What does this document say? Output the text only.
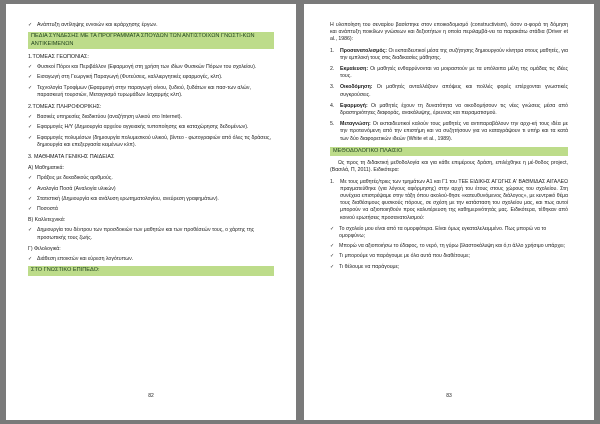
✓ Ανάπτυξη αντίληψης εννοιών και ιεράρχησης έργων.
ΠΕΔΙΑ ΣΥΝΔΕΣΗΣ ΜΕ ΤΑ ΠΡΟΓΡΑΜΜΑΤΑ ΣΠΟΥΔΩΝ ΤΩΝ ΑΝΤΙΣΤΟΙΧΩΝ ΓΝΩΣΤΙ-ΚΩΝ ΑΝΤΙΚΕΙΜΕΝΩΝ
1.ΤΟΜΕΑΣ ΓΕΩΠΟΝΙΑΣ:
✓ Φυσικοί Πόροι και Περιβάλλον (Εφαρμογή στη χρήση των ιδίων Φυσικών Πόρων του σχολείου).
✓ Εισαγωγή στη Γεωργική Παραγωγή (Φυτεύσεις, καλλιεργητικές εφαρμογές, κλπ).
✓ Τεχνολογία Τροφίμων (Εφαρμογή στην παραγωγή οίνου, ξυδιού, ξυδάτων και πασ-των αλών, παρασκευή τουρσιών, Μεταγγισμό τυρωμάδων λαχαρμής κλπ).
2.ΤΟΜΕΑΣ ΠΛΗΡΟΦΟΡΙΚΗΣ:
✓ Βασικές υπηρεσίες διαδικτύου (αναζήτηση υλικού στο Internet).
✓ Εφαρμογές Η/Υ (Δημιουργία αρχείου αγγειακής τυποποίησης και καταχώρησης δεδομένων).
✓ Εφαρμογές πολυμέσων (δημιουργία πολυμεσικού υλικού, βίντεο - φωτογραφιών από όλες τις δράσεις, δημιουργία και επεξεργασία κειμένων κλπ).
3. ΜΑΘΗΜΑΤΑ ΓΕΝΙΚΗΣ ΠΑΙΔΕΙΑΣ
Α) Μαθηματικά:
✓ Πράξεις με δεκαδικούς αριθμούς.
✓ Αναλογία Ποσά (Αναλογία υλικών)
✓ Στατιστική (Δημιουργία και ανάλυση ερωτηματολογίου, ανεύρεση γραφημάτων).
✓ Ποσοστά
Β) Καλλιτεχνικά:
✓ Δημιουργία του δέντρου των προσδοκιών των μαθητών και των προθέσεών τους, ο χάρτης της προσωπικής τους ζωής.
Γ) Φιλολογικά:
✓ Διάθεση εποικτών και εύρεση λογότυπων.
ΣΤΟ ΓΝΩΣΤΙΚΟ ΕΠΙΠΕΔΟ:
82
Η υλοποίηση του σεναρίου βασίστηκε στον εποικοδομισμό (constructivism), όσον α-φορά τη δόμηση και ανάπτυξη ποικίλων γνώσεων και δεξιοτήτων η οποία περιλαμβά-νει τα παρακάτω στάδια (Driver et al., 1986):
1. Προσανατολισμός: Οι εκπαιδευτικοί μέσα της συζήτησης δημιουργούν κίνητρα στους μαθητές, για την εμπλοκή τους στις διαδικασίες μάθησης.
2. Εκμαίευση: Οι μαθητές ενθαρρύνονται να μοιραστούν με τα υπόλοιπα μέλη της ομάδας τις ιδέες τους.
3. Οικοδόμηση: Οι μαθητές ανταλλάζουν απόψεις και πολλές φορές επέρχονται γνωστικές συγκρούσεις.
4. Εφαρμογή: Οι μαθητές έχουν τη δυνατότητα να οικοδομήσουν τις νέες γνώσεις μέσα από δραστηριότητες διαφοράς, ανακάλυψης, έρευνας και πειραματισμού.
5. Μεταγνώση: Οι εκπαιδευτικοί καλούν τους μαθητές να αντιπαραβάλουν την αρχι-κή τους ιδέα με την προτεινόμενη από την επιστήμη και να συζητήσουν για να καταγράψουν τι υπήρ και τα κατά των δύο διαφορετικών ιδεών (White et al., 1989).
ΜΕΘΟΔΟΛΟΓΙΚΟ ΠΛΑΙΣΙΟ
Ως προς τη διδακτική μεθοδολογία και για κάθε επιμέρους δράση, επιλέχθηκε η μέ-θοδος project, (Βασιλά, Π, 2011). Ειδικότερα:
1. Με τους μαθητές/τριες των τμημάτων Α1 και Γ1 του ΤΕΕ ΕΙΔΙΚΗΣ ΑΓΩΓΗΣ Α' ΒΑΘΜΙΔΑΣ ΑΙΓΑΛΕΩ πραγματεύθηκε (για λόγους αφόρμησης) στην αρχή του έτους στους χώρους του σχολείου. Στη συνέχεια επιστρέψαμε στην τάξη όπου ακολού-θησε «κατευθυνόμενος διάλογος», με κεντρικό θέμα τους διαθέσιμους φυσικούς πόρους, σε σχέση με την κατάσταση του σχολείου μας, και πως αυτοί μπορούν να αξιοποιηθούν προς καλυτέρευση της καθημερινότητάς μας. Ειδικότερα, τέθηκαν από κοινού ερωτήσεις προσανατολισμού:
✓ Το σχολείο μου είναι από τα ομορφότερα. Είναι όμως εγκαταλελειμμένο. Πως μπορώ να το ομορφύνω;
✓ Μπορώ να αξιοποιήσω το έδαφος, το νερό, τη γύρω βλαστοκάλυψη και ό,τι άλλο χρήσιμο υπάρχει;
✓ Τι μπορούμε να παράγουμε με όλα αυτά που διαθέτουμε;
✓ Τι θέλουμε να παράγουμε;
83
